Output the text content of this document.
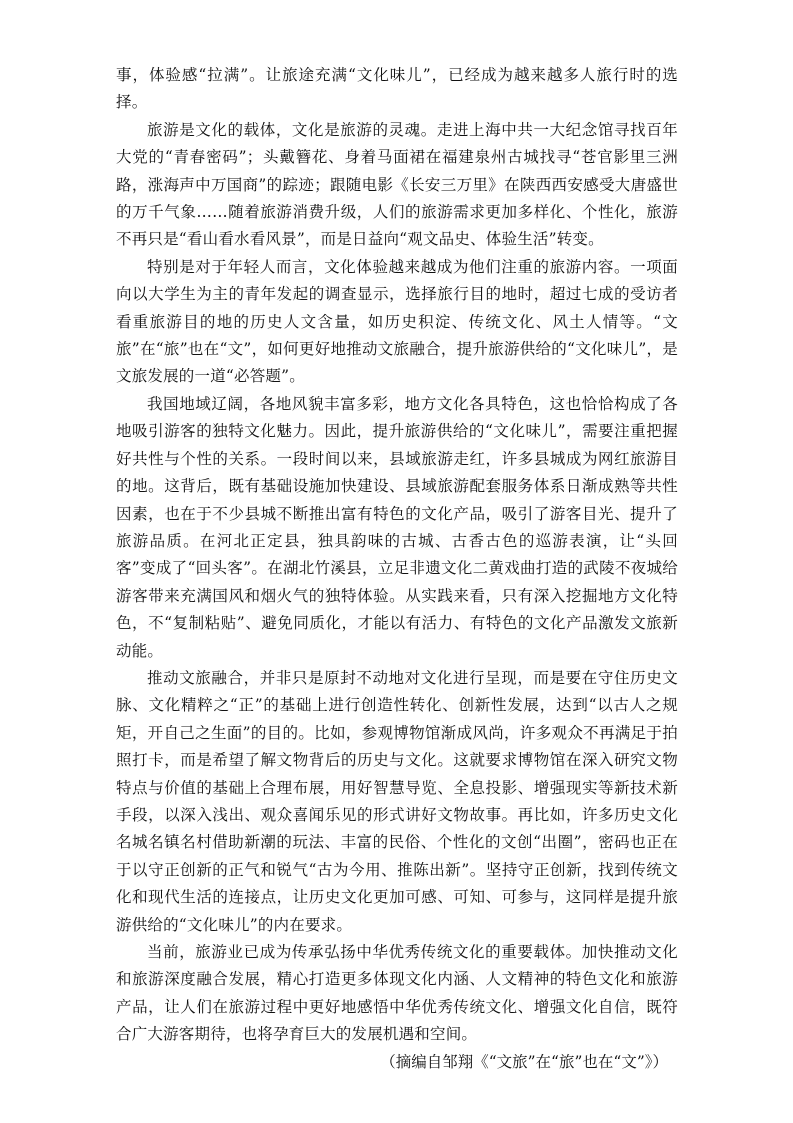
事，体验感“拉满”。让旅途充满“文化味儿”，已经成为越来越多人旅行时的选择。

旅游是文化的载体，文化是旅游的灵魂。走进上海中共一大纪念馆寻找百年大党的“青春密码”；头戴簪花、身着马面裙在福建泉州古城找寻“苍官影里三洲路，涨海声中万国商”的踪迹；跟随电影《长安三万里》在陕西西安感受大唐盛世的万千气象……随着旅游消费升级，人们的旅游需求更加多样化、个性化，旅游不再只是“看山看水看风景”，而是日益向“观文品史、体验生活”转变。

特别是对于年轻人而言，文化体验越来越成为他们注重的旅游内容。一项面向以大学生为主的青年发起的调查显示，选择旅行目的地时，超过七成的受访者看重旅游目的地的历史人文含量，如历史积淀、传统文化、风土人情等。“文旅”在“旅”也在“文”，如何更好地推动文旅融合，提升旅游供给的“文化味儿”，是文旅发展的一道“必答题”。

我国地域辽阔，各地风貌丰富多彩，地方文化各具特色，这也恰恰构成了各地吸引游客的独特文化魅力。因此，提升旅游供给的“文化味儿”，需要注重把握好共性与个性的关系。一段时间以来，县域旅游走红，许多县城成为网红旅游目的地。这背后，既有基础设施加快建设、县域旅游配套服务体系日渐成熟等共性因素，也在于不少县城不断推出富有特色的文化产品，吸引了游客目光、提升了旅游品质。在河北正定县，独具韵味的古城、古香古色的巡游表演，让“头回客”变成了“回头客”。在湖北竹溪县，立足非遗文化二黄戏曲打造的武陵不夜城给游客带来充满国风和烟火气的独特体验。从实践来看，只有深入挖掘地方文化特色，不“复制粘贴”、避免同质化，才能以有活力、有特色的文化产品激发文旅新动能。

推动文旅融合，并非只是原封不动地对文化进行呈现，而是要在守住历史文脉、文化精粹之“正”的基础上进行创造性转化、创新性发展，达到“以古人之规矩，开自己之生面”的目的。比如，参观博物馆渐成风尚，许多观众不再满足于拍照打卡，而是希望了解文物背后的历史与文化。这就要求博物馆在深入研究文物特点与价值的基础上合理布展，用好智慧导览、全息投影、增强现实等新技术新手段，以深入浅出、观众喜闻乐见的形式讲好文物故事。再比如，许多历史文化名城名镇名村借助新潮的玩法、丰富的民俗、个性化的文创“出圈”，密码也正在于以守正创新的正气和锐气“古为今用、推陈出新”。坚持守正创新，找到传统文化和现代生活的连接点，让历史文化更加可感、可知、可参与，这同样是提升旅游供给的“文化味儿”的内在要求。

当前，旅游业已成为传承弘扬中华优秀传统文化的重要载体。加快推动文化和旅游深度融合发展，精心打造更多体现文化内涵、人文精神的特色文化和旅游产品，让人们在旅游过程中更好地感悟中华优秀传统文化、增强文化自信，既符合广大游客期待，也将孕育巨大的发展机遇和空间。

（摘编自邹翔《“文旅”在“旅”也在“文”》）
